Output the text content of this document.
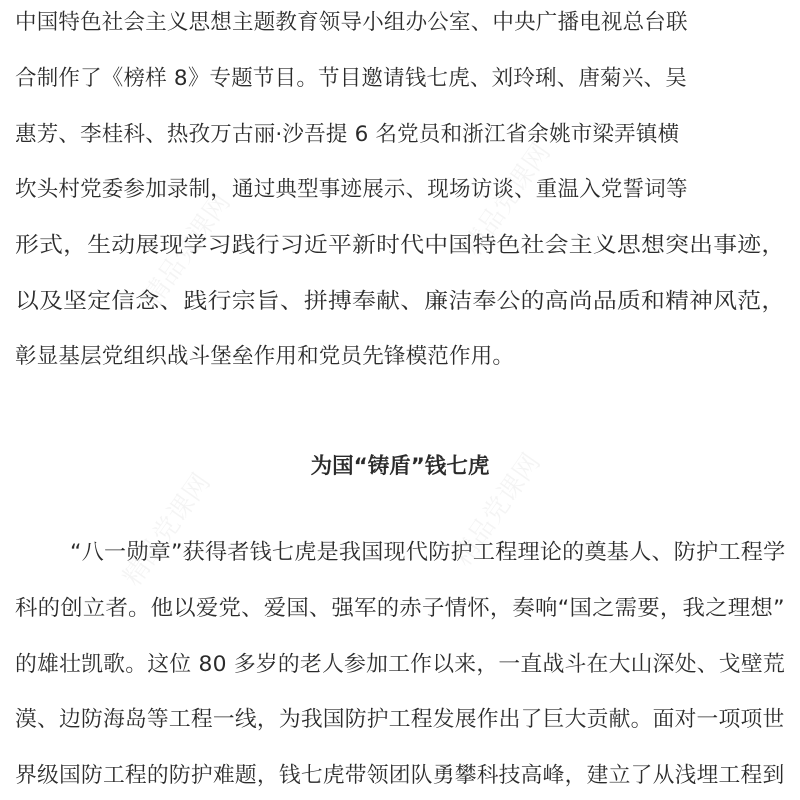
中国特色社会主义思想主题教育领导小组办公室、中央广播电视总台联
合制作了《榜样 8》专题节目。节目邀请钱七虎、刘玲琍、唐菊兴、吴
惠芳、李桂科、热孜万古丽·沙吾提 6 名党员和浙江省余姚市梁弄镇横
坎头村党委参加录制，通过典型事迹展示、现场访谈、重温入党誓词等
形式，生动展现学习践行习近平新时代中国特色社会主义思想突出事迹，
以及坚定信念、践行宗旨、拼搏奉献、廉洁奉公的高尚品质和精神风范，
彰显基层党组织战斗堡垒作用和党员先锋模范作用。
为国“铸盾”钱七虎
“八一勋章”获得者钱七虎是我国现代防护工程理论的奠基人、防护工程学
科的创立者。他以爱党、爱国、强军的赤子情怀，奏响“国之需要，我之理想”
的雄壮凯歌。这位 80 多岁的老人参加工作以来，一直战斗在大山深处、戈壁荒
漠、边防海岛等工程一线，为我国防护工程发展作出了巨大贡献。面对一项项世
界级国防工程的防护难题，钱七虎带领团队勇攀科技高峰，建立了从浅埋工程到
